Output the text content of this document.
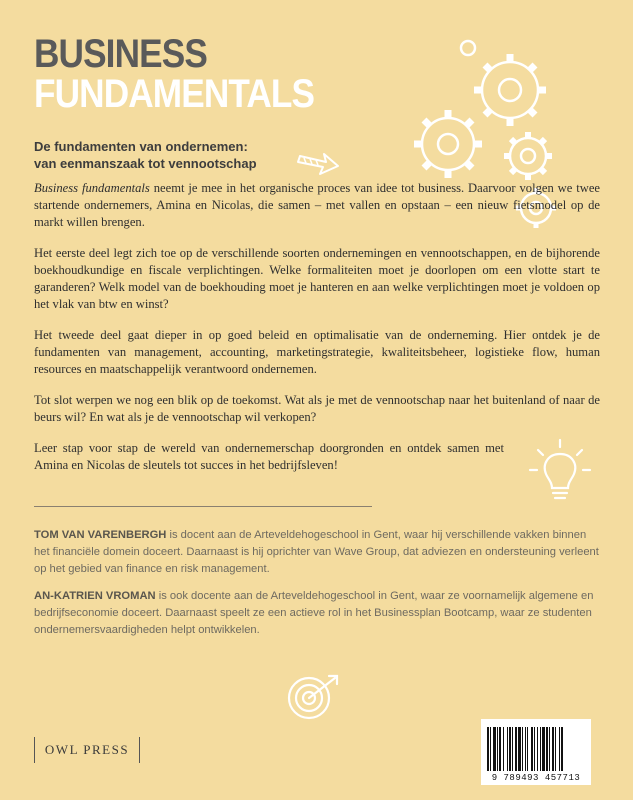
BUSINESS
FUNDAMENTALS
De fundamenten van ondernemen:
van eenmanszaak tot vennootschap

Business fundamentals neemt je mee in het organische proces van idee tot business. Daarvoor volgen we twee startende ondernemers, Amina en Nicolas, die samen – met vallen en opstaan – een nieuw fietsmodel op de markt willen brengen.

Het eerste deel legt zich toe op de verschillende soorten ondernemingen en vennootschappen, en de bijhorende boekhoudkundige en fiscale verplichtingen. Welke formaliteiten moet je doorlopen om een vlotte start te garanderen? Welk model van de boekhouding moet je hanteren en aan welke verplichtingen moet je voldoen op het vlak van btw en winst?

Het tweede deel gaat dieper in op goed beleid en optimalisatie van de onderneming. Hier ontdek je de fundamenten van management, accounting, marketingstrategie, kwaliteitsbeheer, logistieke flow, human resources en maatschappelijk verantwoord ondernemen.

Tot slot werpen we nog een blik op de toekomst. Wat als je met de vennootschap naar het buitenland of naar de beurs wil? En wat als je de vennootschap wil verkopen?

Leer stap voor stap de wereld van ondernemerschap doorgronden en ontdek samen met Amina en Nicolas de sleutels tot succes in het bedrijfsleven!

TOM VAN VARENBERGH is docent aan de Arteveldehogeschool in Gent, waar hij verschillende vakken binnen het financiële domein doceert. Daarnaast is hij oprichter van Wave Group, dat adviezen en ondersteuning verleent op het gebied van finance en risk management.

AN-KATRIEN VROMAN is ook docente aan de Arteveldehogeschool in Gent, waar ze voornamelijk algemene en bedrijfseconomie doceert. Daarnaast speelt ze een actieve rol in het Businessplan Bootcamp, waar ze studenten ondernemersvaardigheden helpt ontwikkelen.

OWL PRESS
9 789493 457713
